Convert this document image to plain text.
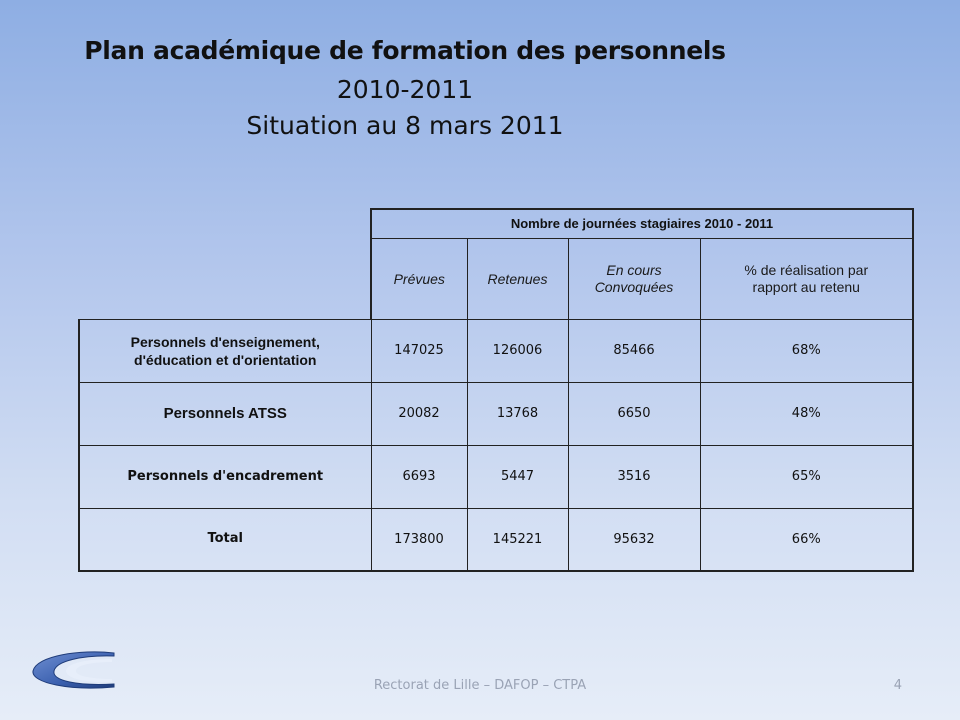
Plan académique de formation des personnels
2010-2011
Situation au 8 mars 2011
	Nombre de journées stagiaires 2010 - 2011			
	Prévues	Retenues	En cours Convoquées	% de réalisation par rapport au retenu
Personnels d'enseignement, d'éducation et d'orientation	147025	126006	85466	68%
Personnels ATSS	20082	13768	6650	48%
Personnels d'encadrement	6693	5447	3516	65%
Total	173800	145221	95632	66%
Rectorat de Lille – DAFOP – CTPA	4
